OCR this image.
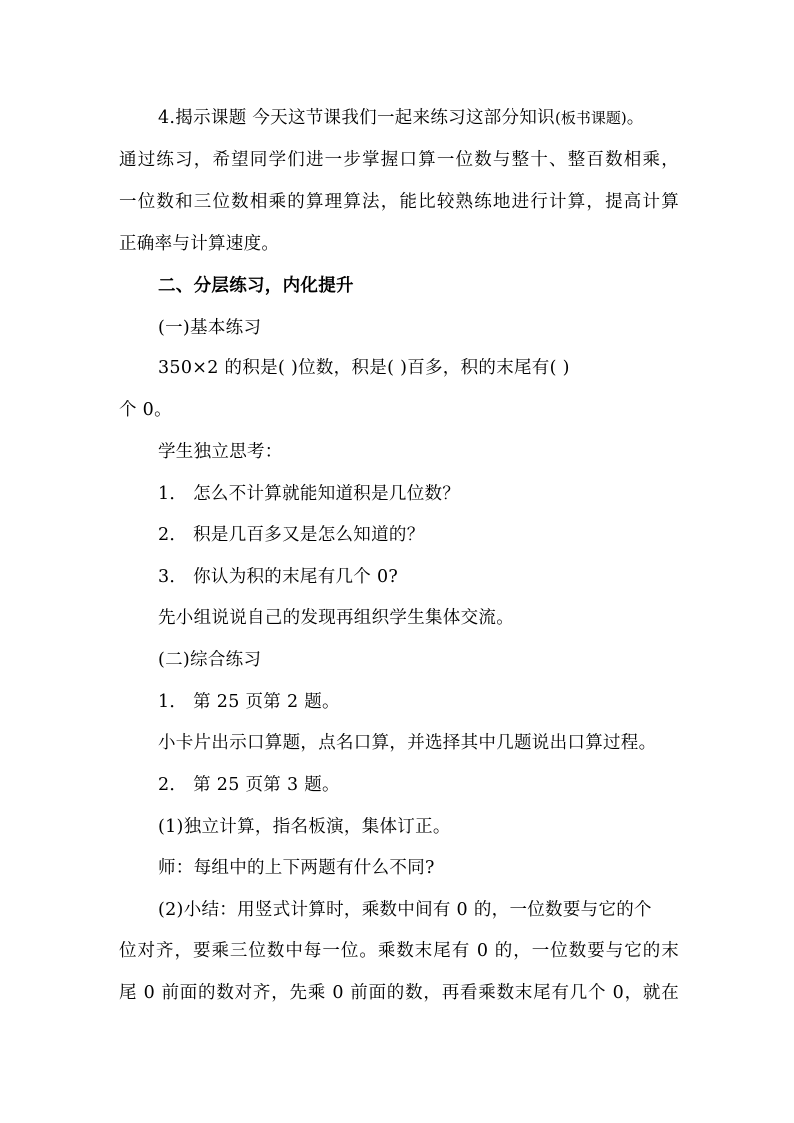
4.揭示课题 今天这节课我们一起来练习这部分知识(板书课题)。
通过练习，希望同学们进一步掌握口算一位数与整十、整百数相乘，
一位数和三位数相乘的算理算法，能比较熟练地进行计算，提高计算
正确率与计算速度。
二、分层练习，内化提升
(一)基本练习
350×2 的积是( )位数，积是( )百多，积的末尾有( )
个 0。
学生独立思考：
1． 怎么不计算就能知道积是几位数？
2． 积是几百多又是怎么知道的？
3． 你认为积的末尾有几个 0?
先小组说说自己的发现再组织学生集体交流。
(二)综合练习
1． 第 25 页第 2 题。
小卡片出示口算题，点名口算，并选择其中几题说出口算过程。
2． 第 25 页第 3 题。
(1)独立计算，指名板演，集体订正。
师：每组中的上下两题有什么不同?
(2)小结：用竖式计算时，乘数中间有 0 的，一位数要与它的个
位对齐，要乘三位数中每一位。乘数末尾有 0 的，一位数要与它的末
尾 0 前面的数对齐，先乘 0 前面的数，再看乘数末尾有几个 0，就在
